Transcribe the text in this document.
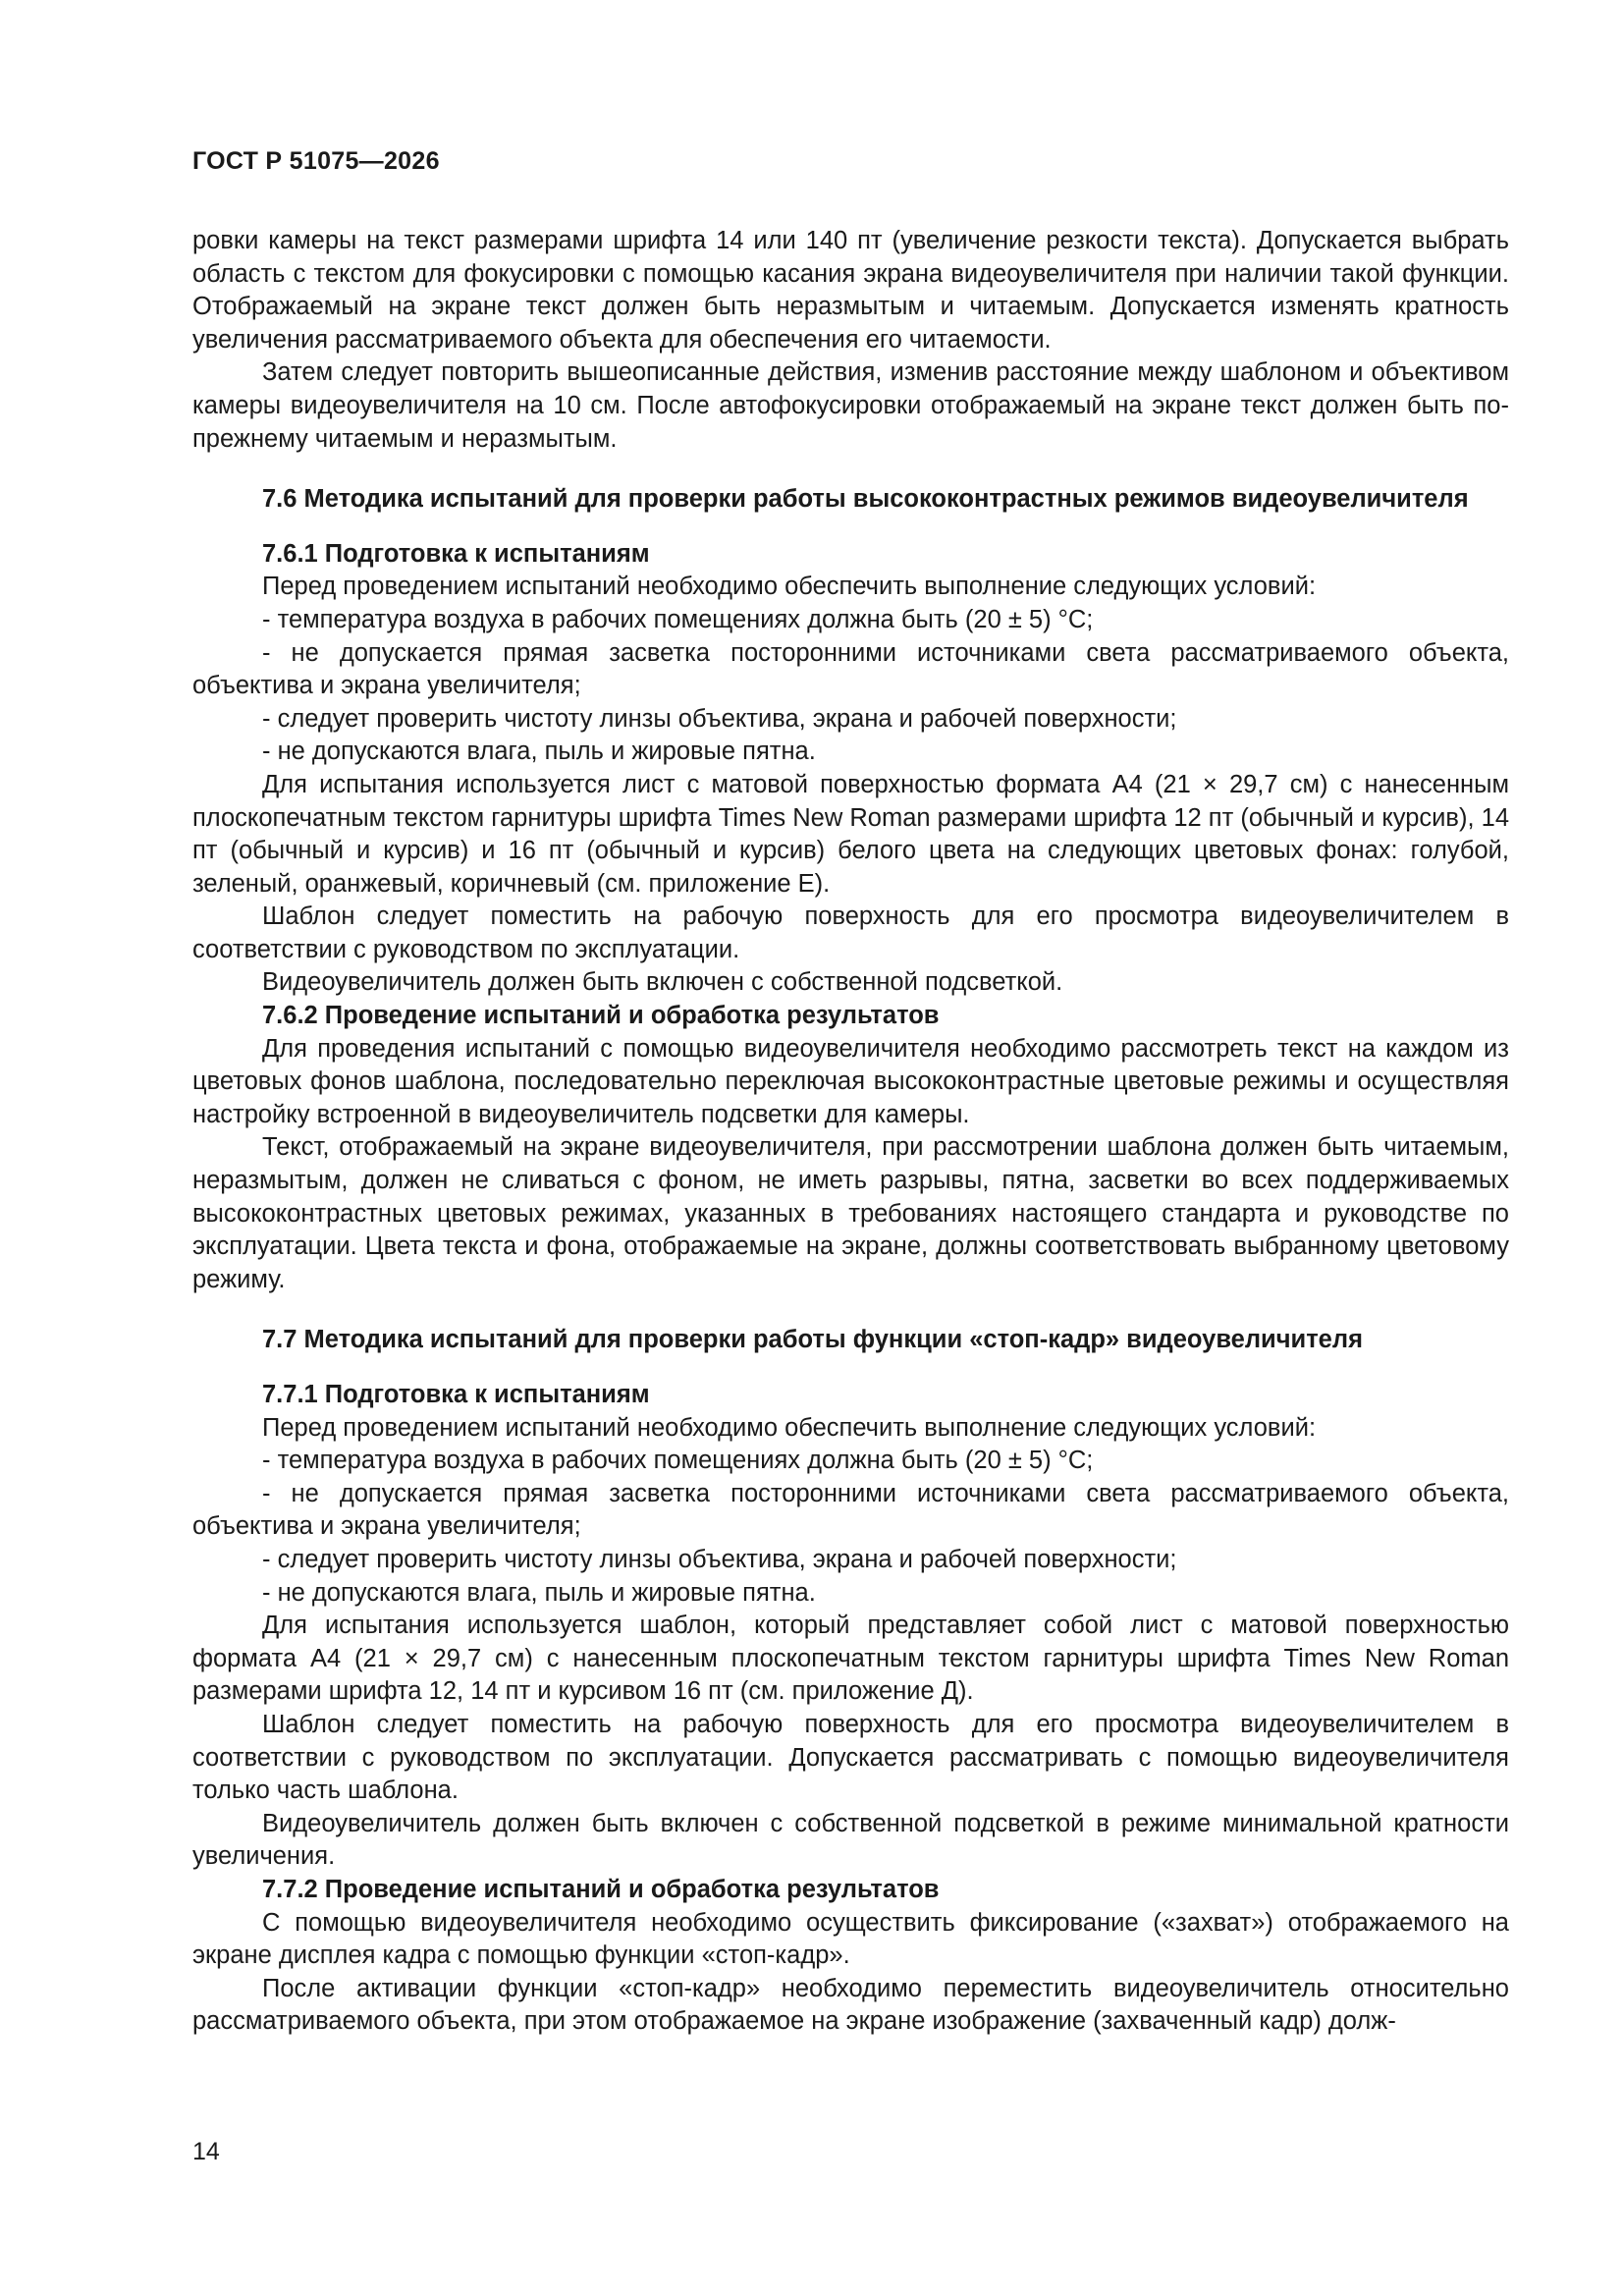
ГОСТ Р 51075—2026

ровки камеры на текст размерами шрифта 14 или 140 пт (увеличение резкости текста). Допускается выбрать область с текстом для фокусировки с помощью касания экрана видеоувеличителя при наличии такой функции. Отображаемый на экране текст должен быть неразмытым и читаемым. Допускается изменять кратность увеличения рассматриваемого объекта для обеспечения его читаемости.

Затем следует повторить вышеописанные действия, изменив расстояние между шаблоном и объективом камеры видеоувеличителя на 10 см. После автофокусировки отображаемый на экране текст должен быть по-прежнему читаемым и неразмытым.

7.6 Методика испытаний для проверки работы высококонтрастных режимов видеоувеличителя

7.6.1 Подготовка к испытаниям

Перед проведением испытаний необходимо обеспечить выполнение следующих условий:

- температура воздуха в рабочих помещениях должна быть (20 ± 5) °С;

- не допускается прямая засветка посторонними источниками света рассматриваемого объекта, объектива и экрана увеличителя;

- следует проверить чистоту линзы объектива, экрана и рабочей поверхности;

- не допускаются влага, пыль и жировые пятна.

Для испытания используется лист с матовой поверхностью формата А4 (21 × 29,7 см) с нанесенным плоскопечатным текстом гарнитуры шрифта Times New Roman размерами шрифта 12 пт (обычный и курсив), 14 пт (обычный и курсив) и 16 пт (обычный и курсив) белого цвета на следующих цветовых фонах: голубой, зеленый, оранжевый, коричневый (см. приложение Е).

Шаблон следует поместить на рабочую поверхность для его просмотра видеоувеличителем в соответствии с руководством по эксплуатации.

Видеоувеличитель должен быть включен с собственной подсветкой.

7.6.2 Проведение испытаний и обработка результатов

Для проведения испытаний с помощью видеоувеличителя необходимо рассмотреть текст на каждом из цветовых фонов шаблона, последовательно переключая высококонтрастные цветовые режимы и осуществляя настройку встроенной в видеоувеличитель подсветки для камеры.

Текст, отображаемый на экране видеоувеличителя, при рассмотрении шаблона должен быть читаемым, неразмытым, должен не сливаться с фоном, не иметь разрывы, пятна, засветки во всех поддерживаемых высококонтрастных цветовых режимах, указанных в требованиях настоящего стандарта и руководстве по эксплуатации. Цвета текста и фона, отображаемые на экране, должны соответствовать выбранному цветовому режиму.

7.7 Методика испытаний для проверки работы функции «стоп-кадр» видеоувеличителя

7.7.1 Подготовка к испытаниям

Перед проведением испытаний необходимо обеспечить выполнение следующих условий:

- температура воздуха в рабочих помещениях должна быть (20 ± 5) °С;

- не допускается прямая засветка посторонними источниками света рассматриваемого объекта, объектива и экрана увеличителя;

- следует проверить чистоту линзы объектива, экрана и рабочей поверхности;

- не допускаются влага, пыль и жировые пятна.

Для испытания используется шаблон, который представляет собой лист с матовой поверхностью формата А4 (21 × 29,7 см) с нанесенным плоскопечатным текстом гарнитуры шрифта Times New Roman размерами шрифта 12, 14 пт и курсивом 16 пт (см. приложение Д).

Шаблон следует поместить на рабочую поверхность для его просмотра видеоувеличителем в соответствии с руководством по эксплуатации. Допускается рассматривать с помощью видеоувеличителя только часть шаблона.

Видеоувеличитель должен быть включен с собственной подсветкой в режиме минимальной кратности увеличения.

7.7.2 Проведение испытаний и обработка результатов

С помощью видеоувеличителя необходимо осуществить фиксирование («захват») отображаемого на экране дисплея кадра с помощью функции «стоп-кадр».

После активации функции «стоп-кадр» необходимо переместить видеоувеличитель относительно рассматриваемого объекта, при этом отображаемое на экране изображение (захваченный кадр) долж-

14
